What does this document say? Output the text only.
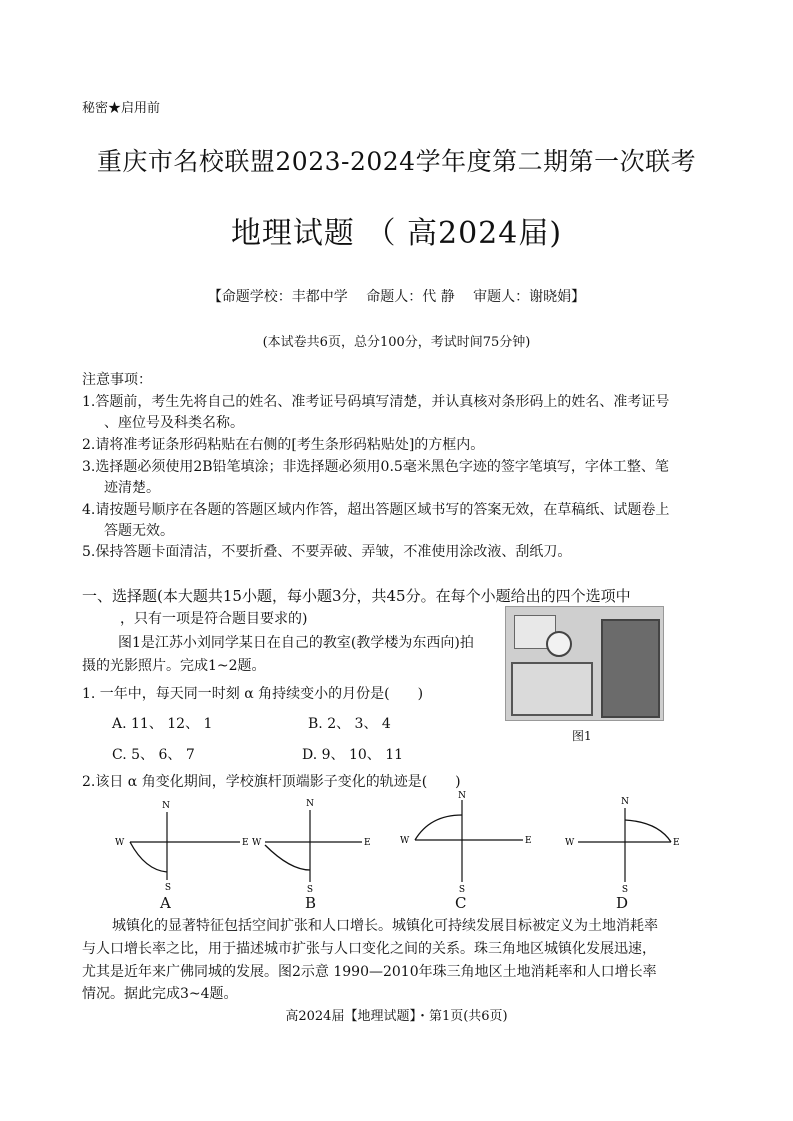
秘密★启用前
重庆市名校联盟2023-2024学年度第二期第一次联考
地理试题 （ 高2024届)
【命题学校：丰都中学　 命题人：代 静　 审题人：谢晓娟】
(本试卷共6页，总分100分，考试时间75分钟)
注意事项：
1.答题前，考生先将自己的姓名、准考证号码填写清楚，并认真核对条形码上的姓名、准考证号
、座位号及科类名称。
2.请将准考证条形码粘贴在右侧的[考生条形码粘贴处]的方框内。
3.选择题必须使用2B铅笔填涂；非选择题必须用0.5毫米黑色字迹的签字笔填写，字体工整、笔
迹清楚。
4.请按题号顺序在各题的答题区域内作答，超出答题区域书写的答案无效，在草稿纸、试题卷上
答题无效。
5.保持答题卡面清洁，不要折叠、不要弄破、弄皱，不准使用涂改液、刮纸刀。
一、选择题(本大题共15小题，每小题3分，共45分。在每个小题给出的四个选项中
，只有一项是符合题目要求的)
图1是江苏小刘同学某日在自己的教室(教学楼为东西向)拍
摄的光影照片。完成1~2题。
图1
1. 一年中，每天同一时刻 α 角持续变小的月份是(　　)
A. 11、 12、 1	B. 2、 3、 4
C. 5、 6、 7	D. 9、 10、 11
2.该日 α 角变化期间，学校旗杆顶端影子变化的轨迹是(　　)
N
S
W	E
A
N
S
W	E
B
N
S
W	E
C
N
S
W	E
D
城镇化的显著特征包括空间扩张和人口增长。城镇化可持续发展目标被定义为土地消耗率
与人口增长率之比，用于描述城市扩张与人口变化之间的关系。珠三角地区城镇化发展迅速，
尤其是近年来广佛同城的发展。图2示意 1990—2010年珠三角地区土地消耗率和人口增长率
情况。据此完成3~4题。
高2024届【地理试题】・第1页(共6页)
